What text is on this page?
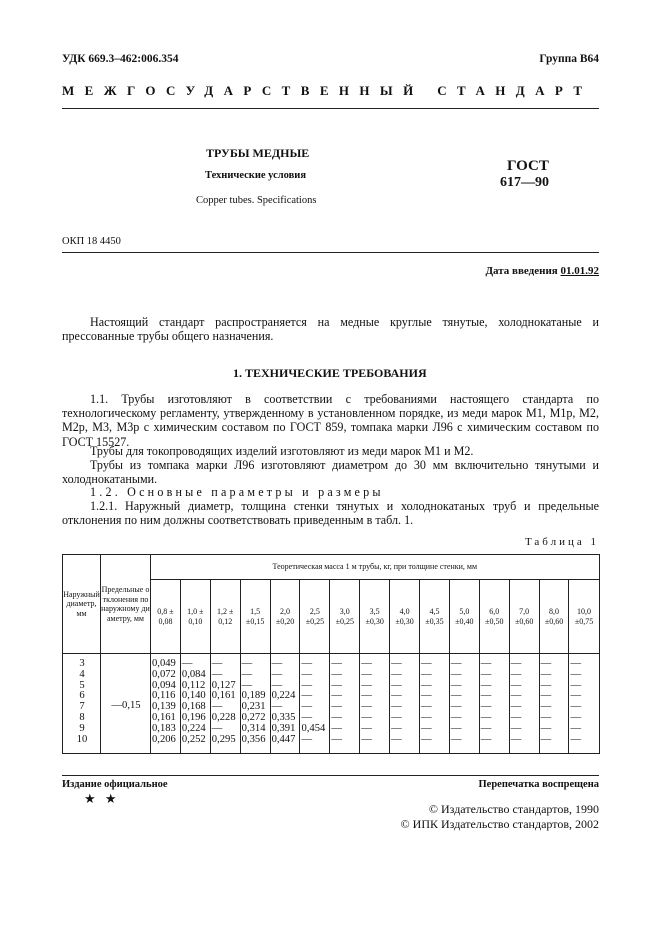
УДК 669.3–462:006.354	Группа В64
МЕЖГОСУДАРСТВЕННЫЙ СТАНДАРТ
ТРУБЫ МЕДНЫЕ
Технические условия
Copper tubes. Specifications
ГОСТ
617—90
ОКП 18 4450
Дата введения 01.01.92
Настоящий стандарт распространяется на медные круглые тянутые, холоднокатаные и прессованные трубы общего назначения.
1. ТЕХНИЧЕСКИЕ ТРЕБОВАНИЯ
1.1. Трубы изготовляют в соответствии с требованиями настоящего стандарта по технологическому регламенту, утвержденному в установленном порядке, из меди марок М1, М1р, М2, М2р, М3, М3р с химическим составом по ГОСТ 859, томпака марки Л96 с химическим составом по ГОСТ 15527.
Трубы для токопроводящих изделий изготовляют из меди марок М1 и М2.
Трубы из томпака марки Л96 изготовляют диаметром до 30 мм включительно тянутыми и холоднокатаными.
1.2. Основные параметры и размеры
1.2.1. Наружный диаметр, толщина стенки тянутых и холоднокатаных труб и предельные отклонения по ним должны соответствовать приведенным в табл. 1.
Таблица 1
Наружный диаметр, мм	Предельные отклонения по наружному диаметру, мм	Теоретическая масса 1 м трубы, кг, при толщине стенки, мм														
		0,8 ± 0,08	1,0 ± 0,10	1,2 ± 0,12	1,5 ±0,15	2,0 ±0,20	2,5 ±0,25	3,0 ±0,25	3,5 ±0,30	4,0 ±0,30	4,5 ±0,35	5,0 ±0,40	6,0 ±0,50	7,0 ±0,60	8,0 ±0,60	10,0 ±0,75
3	—0,15	0,049	—	—	—	—	—	—	—	—	—	—	—	—	—	—
4		0,072	0,084	—	—	—	—	—	—	—	—	—	—	—	—	—
5		0,094	0,112	0,127	—	—	—	—	—	—	—	—	—	—	—	—
6		0,116	0,140	0,161	0,189	0,224	—	—	—	—	—	—	—	—	—	—
7		0,139	0,168	—	0,231	—	—	—	—	—	—	—	—	—	—	—
8		0,161	0,196	0,228	0,272	0,335	—	—	—	—	—	—	—	—	—	—
9		0,183	0,224	—	0,314	0,391	0,454	—	—	—	—	—	—	—	—	—
10		0,206	0,252	0,295	0,356	0,447	—	—	—	—	—	—	—	—	—	—
Издание официальное
★ ★
Перепечатка воспрещена
© Издательство стандартов, 1990
© ИПК Издательство стандартов, 2002
